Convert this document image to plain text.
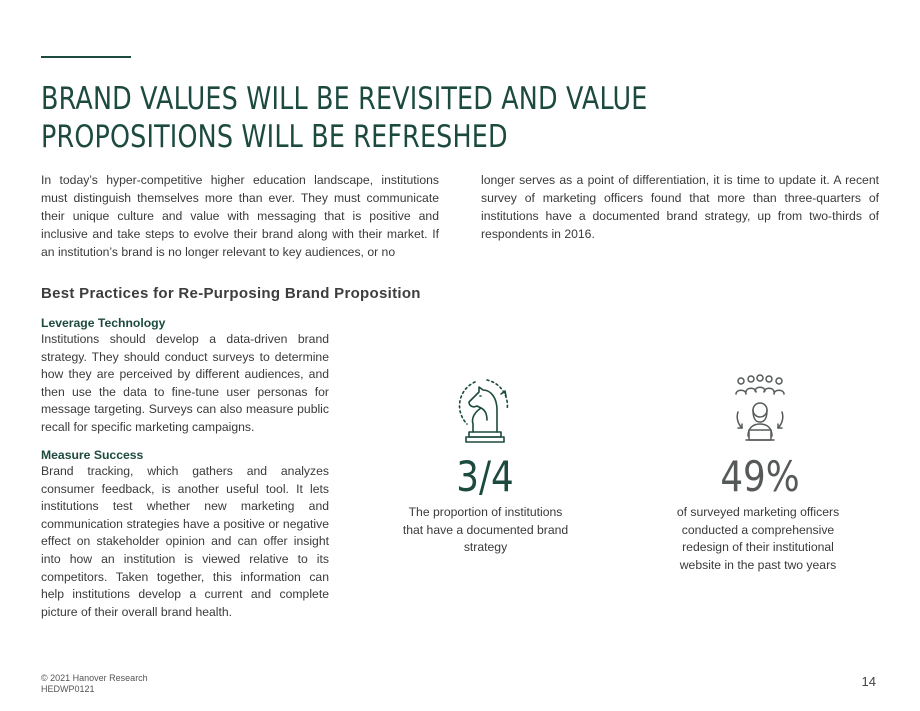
BRAND VALUES WILL BE REVISITED AND VALUE PROPOSITIONS WILL BE REFRESHED

In today’s hyper-competitive higher education landscape, institutions must distinguish themselves more than ever. They must communicate their unique culture and value with messaging that is positive and inclusive and take steps to evolve their brand along with their market. If an institution’s brand is no longer relevant to key audiences, or no

longer serves as a point of differentiation, it is time to update it. A recent survey of marketing officers found that more than three-quarters of institutions have a documented brand strategy, up from two-thirds of respondents in 2016.

Best Practices for Re-Purposing Brand Proposition
Leverage Technology

Institutions should develop a data-driven brand strategy. They should conduct surveys to determine how they are perceived by different audiences, and then use the data to fine-tune user personas for message targeting. Surveys can also measure public recall for specific marketing campaigns.

Measure Success

Brand tracking, which gathers and analyzes consumer feedback, is another useful tool. It lets institutions test whether new marketing and communication strategies have a positive or negative effect on stakeholder opinion and can offer insight into how an institution is viewed relative to its competitors. Taken together, this information can help institutions develop a current and complete picture of their overall brand health.

3/4

The proportion of institutions that have a documented brand strategy

49%

of surveyed marketing officers conducted a comprehensive redesign of their institutional website in the past two years

© 2021 Hanover Research
HEDWP0121	14
